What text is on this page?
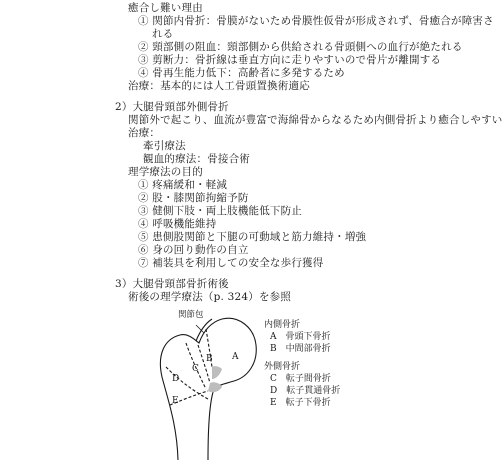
癒合し難い理由
① 関節内骨折：骨膜がないため骨膜性仮骨が形成されず、骨癒合が障害さ
れる
② 頸部側の阻血：頸部側から供給される骨頭側への血行が絶たれる
③ 剪断力：骨折線は垂直方向に走りやすいので骨片が離開する
④ 骨再生能力低下：高齢者に多発するため
治療：基本的には人工骨頭置換術適応
2）大腿骨頸部外側骨折
関節外で起こり、血流が豊富で海綿骨からなるため内側骨折より癒合しやすい
治療：
牽引療法
観血的療法：骨接合術
理学療法の目的
① 疼痛緩和・軽減
② 股・膝関節拘縮予防
③ 健側下肢・両上肢機能低下防止
④ 呼吸機能維持
⑤ 患側股関節と下腿の可動域と筋力維持・増強
⑥ 身の回り動作の自立
⑦ 補装具を利用しての安全な歩行獲得
3）大腿骨頸部骨折術後
術後の理学療法（p. 324）を参照
関節包
A
B
C
D
E
内側骨折
A　骨頭下骨折
B　中間部骨折
外側骨折
C　転子間骨折
D　転子貫通骨折
E　転子下骨折
